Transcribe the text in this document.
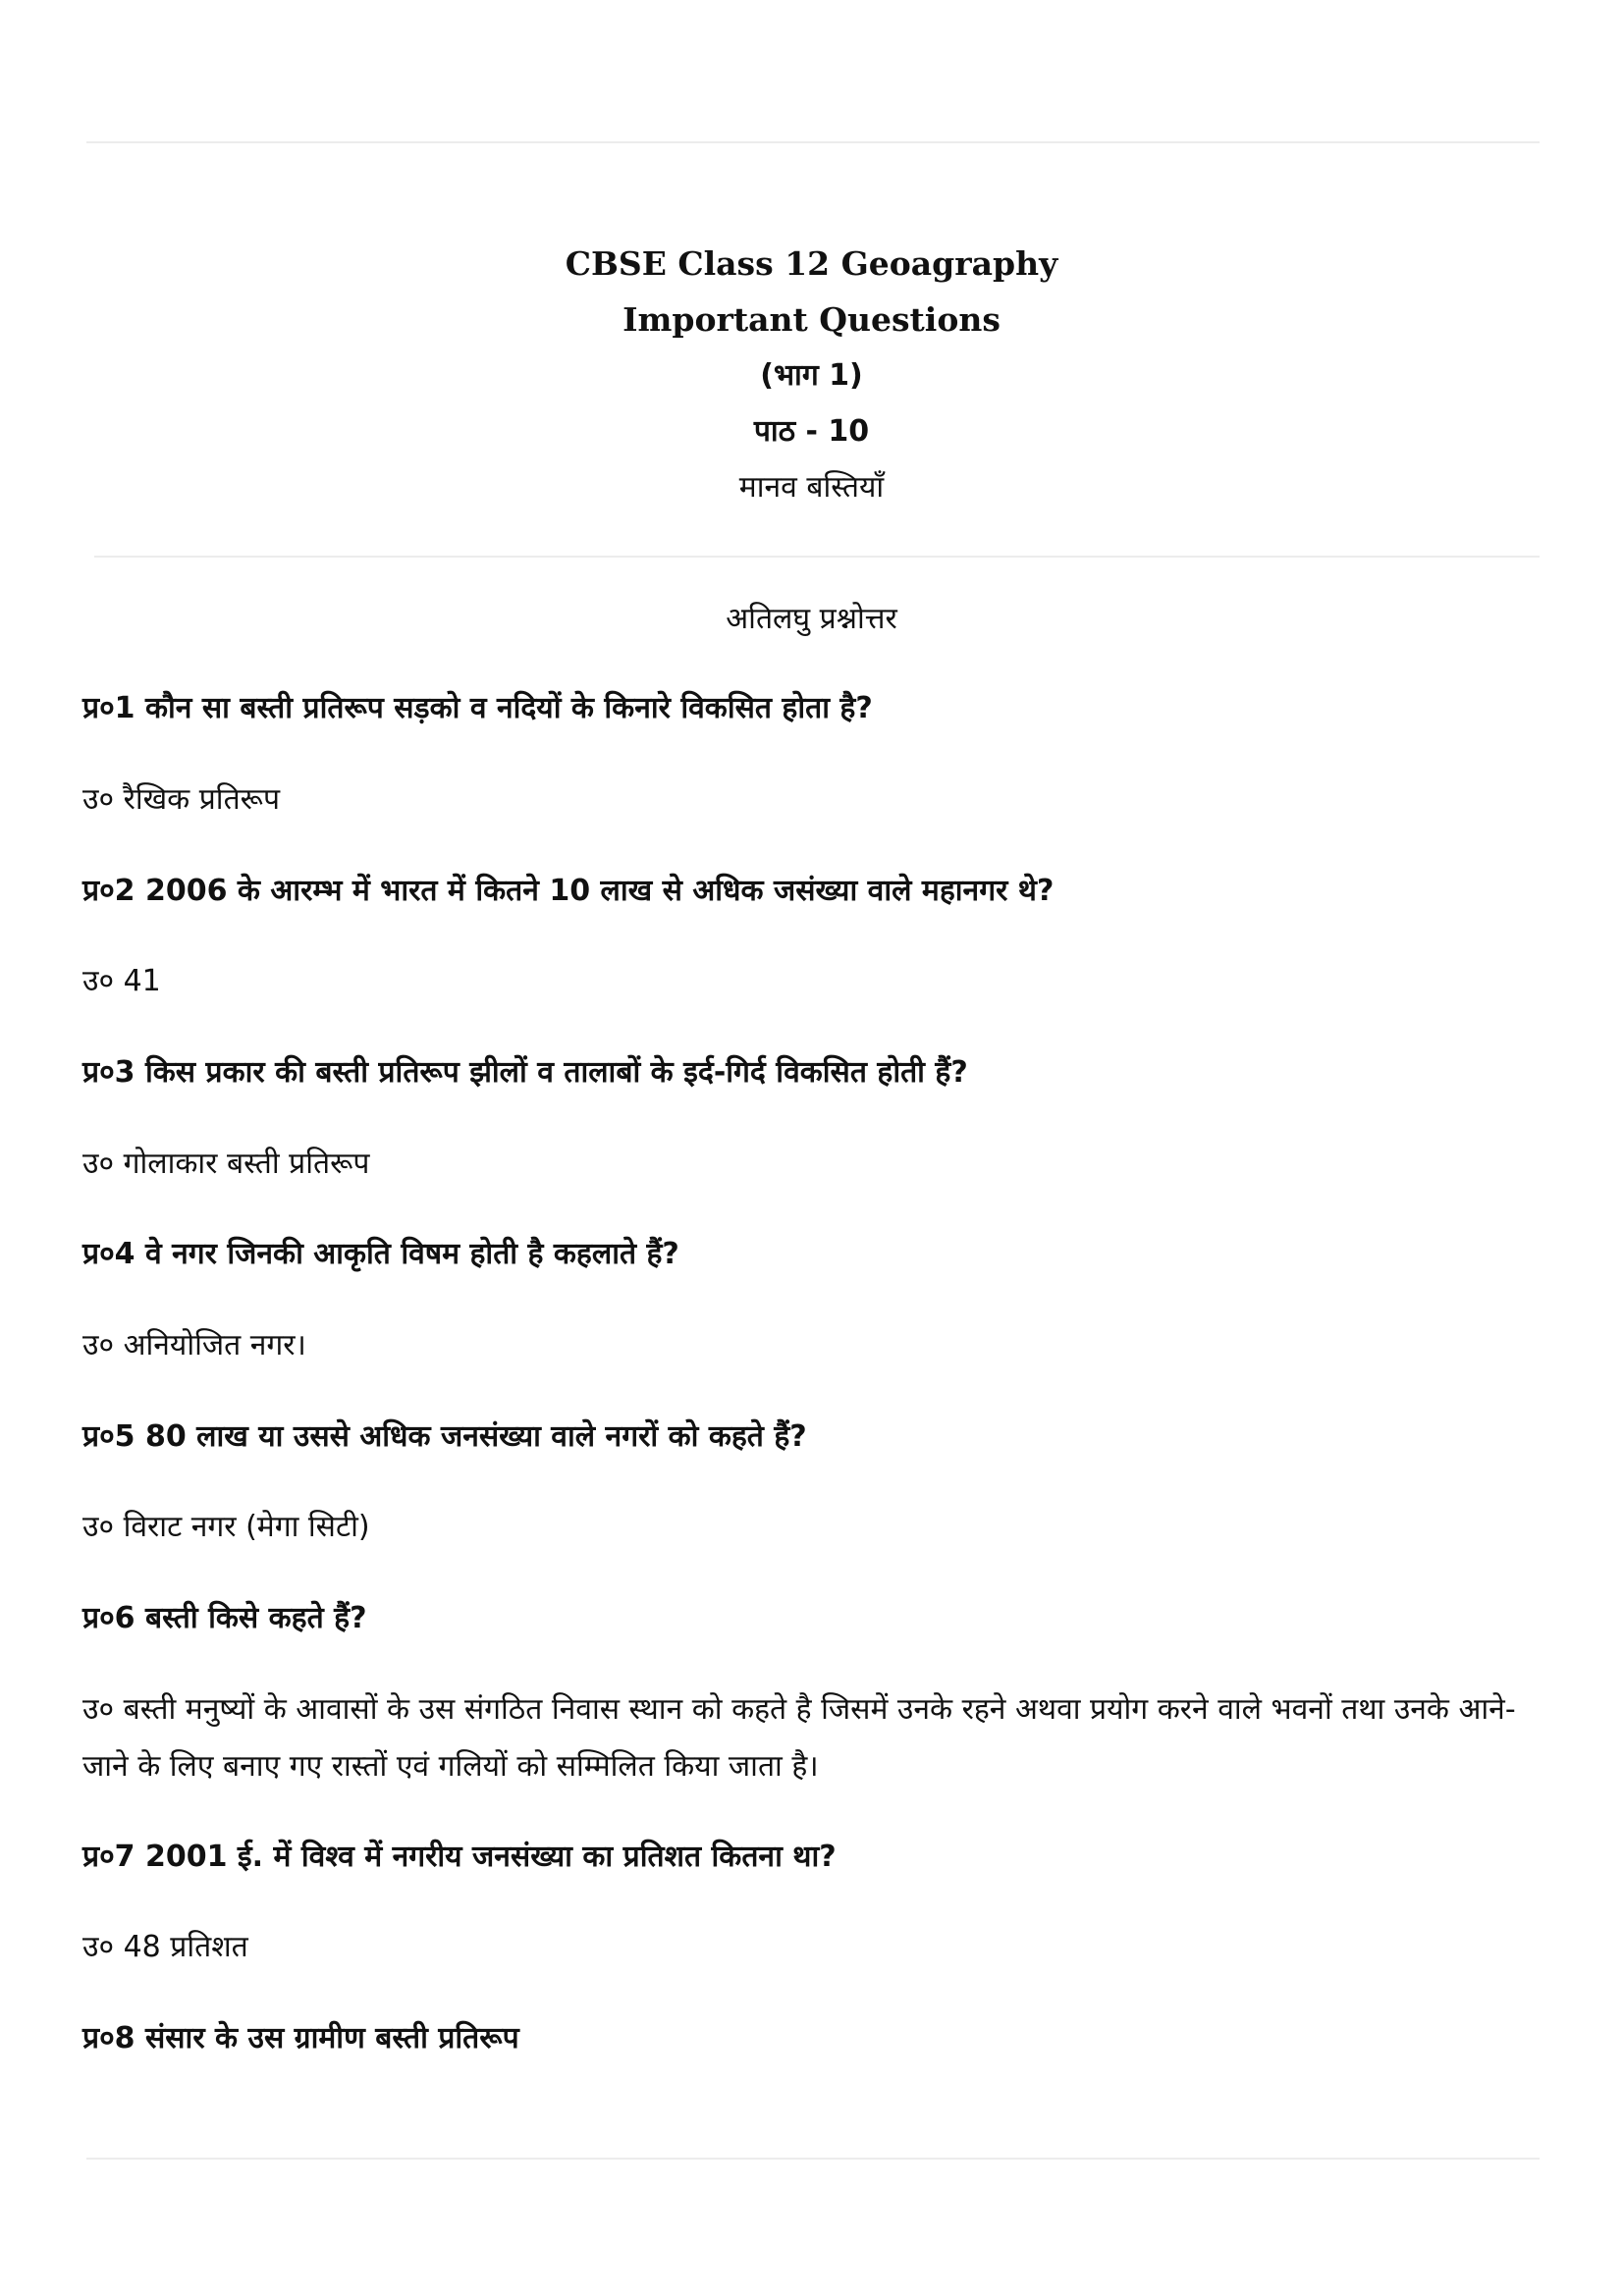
CBSE Class 12 Geoagraphy
Important Questions
(भाग 1)
पाठ - 10
मानव बस्तियाँ
अतिलघु प्रश्नोत्तर
प्र०1 कौन सा बस्ती प्रतिरूप सड़को व नदियों के किनारे विकसित होता है?
उ० रैखिक प्रतिरूप
प्र०2 2006 के आरम्भ में भारत में कितने 10 लाख से अधिक जसंख्या वाले महानगर थे?
उ० 41
प्र०3 किस प्रकार की बस्ती प्रतिरूप झीलों व तालाबों के इर्द-गिर्द विकसित होती हैं?
उ० गोलाकार बस्ती प्रतिरूप
प्र०4 वे नगर जिनकी आकृति विषम होती है कहलाते हैं?
उ० अनियोजित नगर।
प्र०5 80 लाख या उससे अधिक जनसंख्या वाले नगरों को कहते हैं?
उ० विराट नगर (मेगा सिटी)
प्र०6 बस्ती किसे कहते हैं?
उ० बस्ती मनुष्यों के आवासों के उस संगठित निवास स्थान को कहते है जिसमें उनके रहने अथवा प्रयोग करने वाले भवनों तथा उनके आने-जाने के लिए बनाए गए रास्तों एवं गलियों को सम्मिलित किया जाता है।
प्र०7 2001 ई. में विश्व में नगरीय जनसंख्या का प्रतिशत कितना था?
उ० 48 प्रतिशत
प्र०8 संसार के उस ग्रामीण बस्ती प्रतिरूप
